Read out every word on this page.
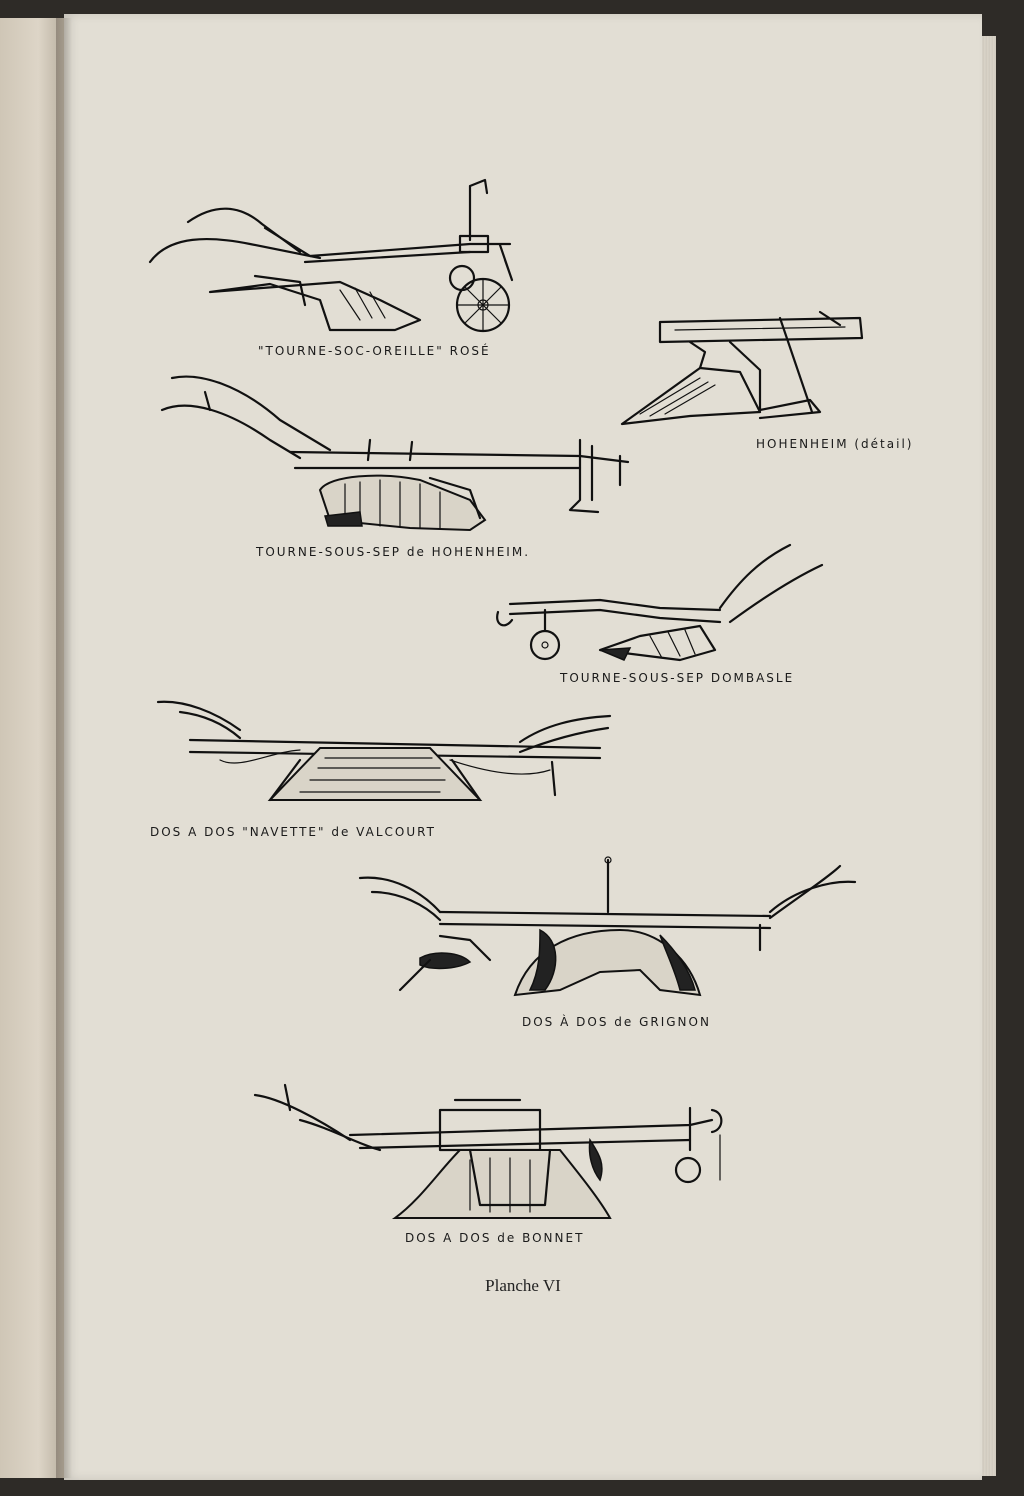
"TOURNE-SOC-OREILLE" ROSÉ
HOHENHEIM (détail)
TOURNE-SOUS-SEP de HOHENHEIM.
TOURNE-SOUS-SEP DOMBASLE
DOS A DOS "NAVETTE" de VALCOURT
DOS À DOS de GRIGNON
DOS A DOS de BONNET
Planche VI
